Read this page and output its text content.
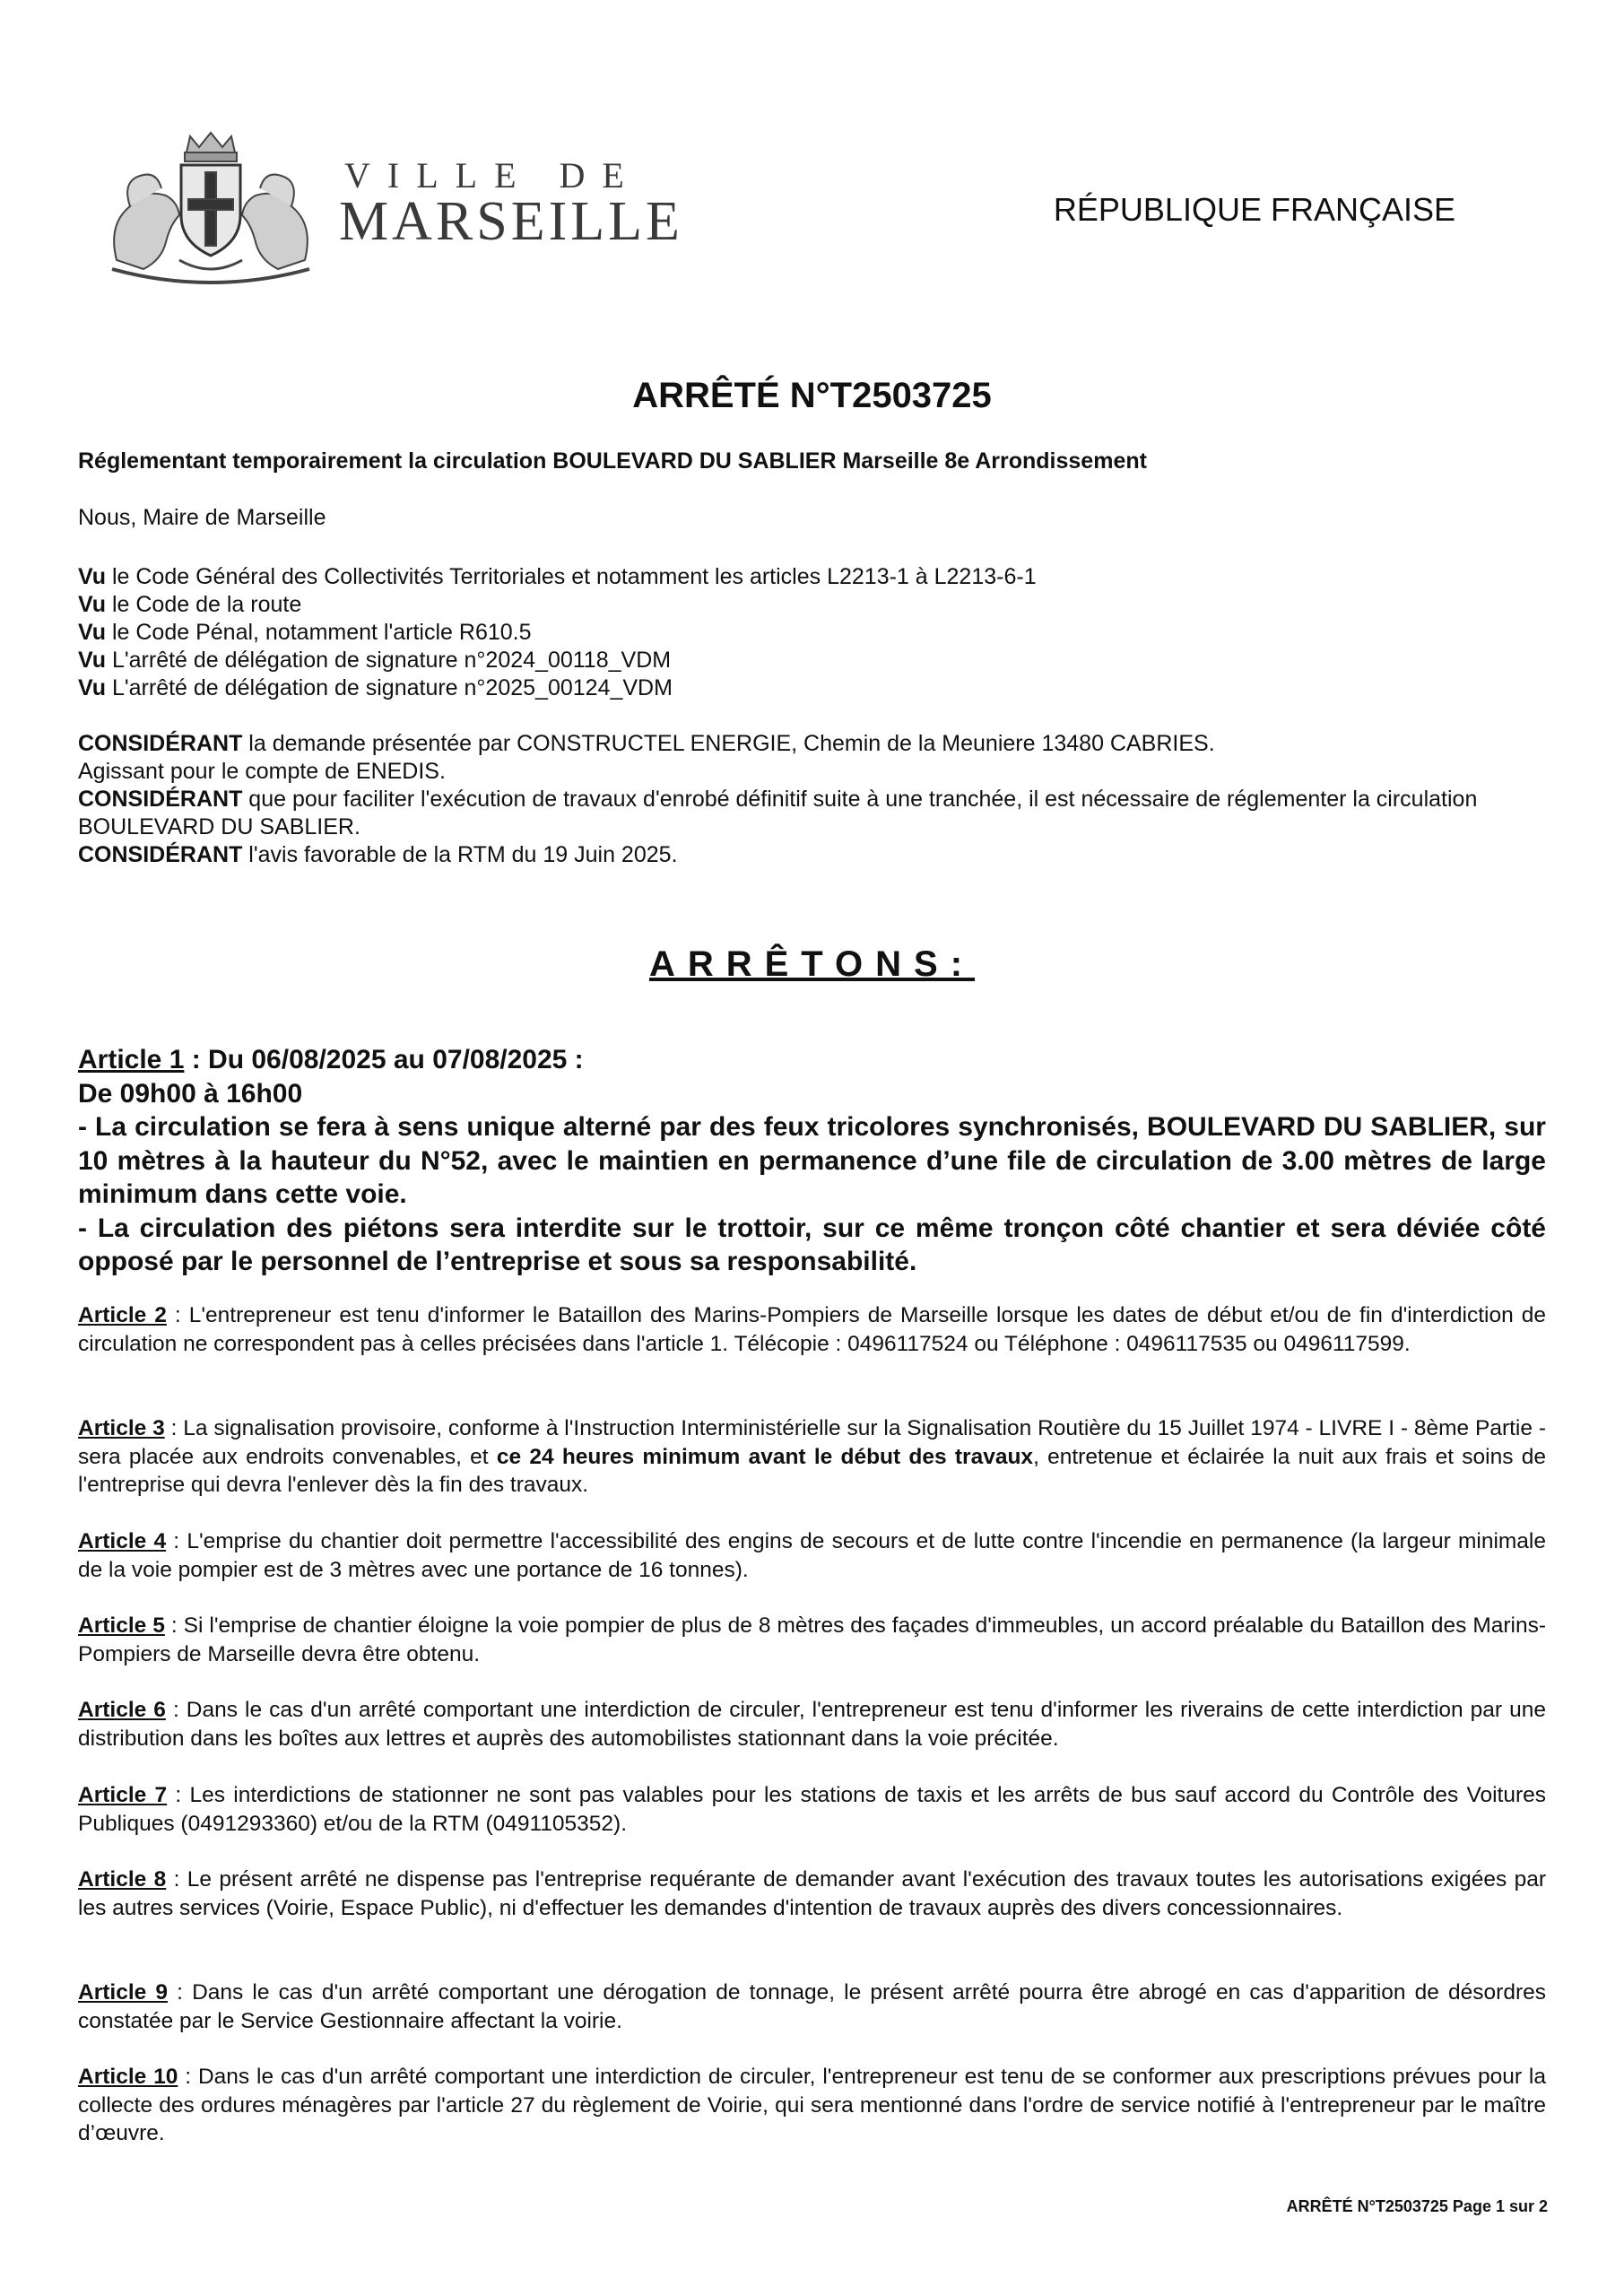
VILLE DE
MARSEILLE	RÉPUBLIQUE FRANÇAISE
ARRÊTÉ N°T2503725
Réglementant temporairement la circulation BOULEVARD DU SABLIER Marseille 8e Arrondissement

Nous, Maire de Marseille

Vu le Code Général des Collectivités Territoriales et notamment les articles L2213-1 à L2213-6-1

Vu le Code de la route

Vu le Code Pénal, notamment l'article R610.5

Vu L'arrêté de délégation de signature n°2024_00118_VDM

Vu L'arrêté de délégation de signature n°2025_00124_VDM

CONSIDÉRANT la demande présentée par CONSTRUCTEL ENERGIE, Chemin de la Meuniere 13480 CABRIES.

Agissant pour le compte de ENEDIS.

CONSIDÉRANT que pour faciliter l'exécution de travaux d'enrobé définitif suite à une tranchée, il est nécessaire de réglementer la circulation BOULEVARD DU SABLIER.

CONSIDÉRANT l'avis favorable de la RTM du 19 Juin 2025.

ARRÊTONS:

Article 1 : Du 06/08/2025 au 07/08/2025 :

De 09h00 à 16h00

- La circulation se fera à sens unique alterné par des feux tricolores synchronisés, BOULEVARD DU SABLIER, sur 10 mètres à la hauteur du N°52, avec le maintien en permanence d’une file de circulation de 3.00 mètres de large minimum dans cette voie.

- La circulation des piétons sera interdite sur le trottoir, sur ce même tronçon côté chantier et sera déviée côté opposé par le personnel de l’entreprise et sous sa responsabilité.

Article 2 : L'entrepreneur est tenu d'informer le Bataillon des Marins-Pompiers de Marseille lorsque les dates de début et/ou de fin d'interdiction de circulation ne correspondent pas à celles précisées dans l'article 1. Télécopie : 0496117524 ou Téléphone : 0496117535 ou 0496117599.
Article 3 : La signalisation provisoire, conforme à l'Instruction Interministérielle sur la Signalisation Routière du 15 Juillet 1974 - LIVRE I - 8ème Partie - sera placée aux endroits convenables, et ce 24 heures minimum avant le début des travaux, entretenue et éclairée la nuit aux frais et soins de l'entreprise qui devra l'enlever dès la fin des travaux.
Article 4 : L'emprise du chantier doit permettre l'accessibilité des engins de secours et de lutte contre l'incendie en permanence (la largeur minimale de la voie pompier est de 3 mètres avec une portance de 16 tonnes).
Article 5 : Si l'emprise de chantier éloigne la voie pompier de plus de 8 mètres des façades d'immeubles, un accord préalable du Bataillon des Marins-Pompiers de Marseille devra être obtenu.
Article 6 : Dans le cas d'un arrêté comportant une interdiction de circuler, l'entrepreneur est tenu d'informer les riverains de cette interdiction par une distribution dans les boîtes aux lettres et auprès des automobilistes stationnant dans la voie précitée.
Article 7 : Les interdictions de stationner ne sont pas valables pour les stations de taxis et les arrêts de bus sauf accord du Contrôle des Voitures Publiques (0491293360) et/ou de la RTM (0491105352).
Article 8 : Le présent arrêté ne dispense pas l'entreprise requérante de demander avant l'exécution des travaux toutes les autorisations exigées par les autres services (Voirie, Espace Public), ni d'effectuer les demandes d'intention de travaux auprès des divers concessionnaires.
Article 9 : Dans le cas d'un arrêté comportant une dérogation de tonnage, le présent arrêté pourra être abrogé en cas d'apparition de désordres constatée par le Service Gestionnaire affectant la voirie.
Article 10 : Dans le cas d'un arrêté comportant une interdiction de circuler, l'entrepreneur est tenu de se conformer aux prescriptions prévues pour la collecte des ordures ménagères par l'article 27 du règlement de Voirie, qui sera mentionné dans l'ordre de service notifié à l'entrepreneur par le maître d’œuvre.
ARRÊTÉ N°T2503725 Page 1 sur 2
